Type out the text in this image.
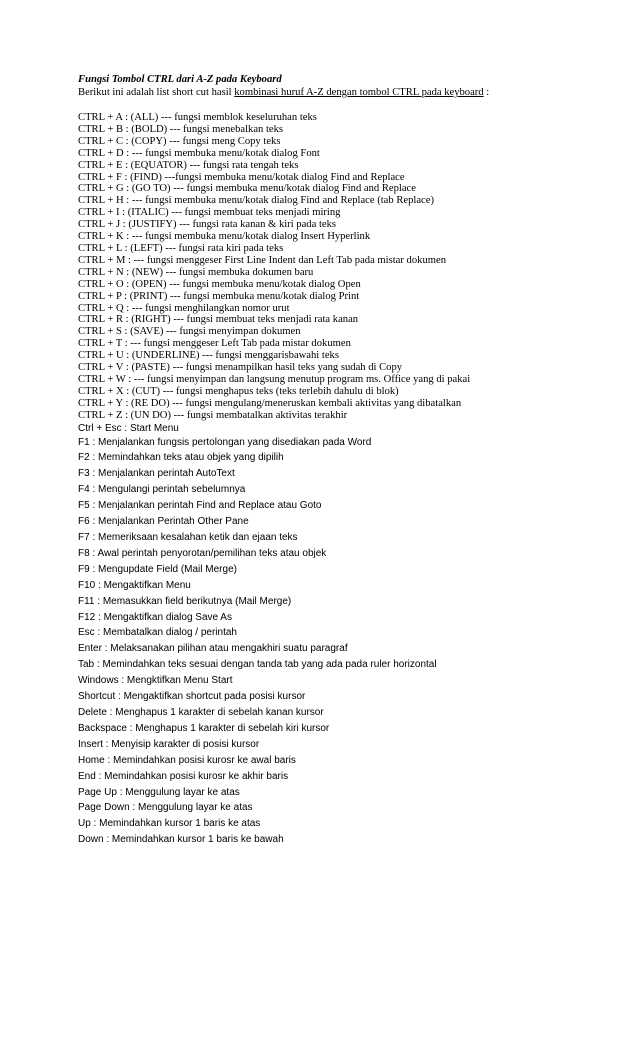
Fungsi Tombol CTRL dari A-Z pada Keyboard
Berikut ini adalah list short cut hasil kombinasi huruf A-Z dengan tombol CTRL pada keyboard :
CTRL + A : (ALL) --- fungsi memblok keseluruhan teks
CTRL + B : (BOLD) --- fungsi menebalkan teks
CTRL + C : (COPY) --- fungsi meng Copy teks
CTRL + D : --- fungsi membuka menu/kotak dialog Font
CTRL + E : (EQUATOR) --- fungsi rata tengah teks
CTRL + F : (FIND) ---fungsi membuka menu/kotak dialog Find and Replace
CTRL + G : (GO TO) --- fungsi membuka menu/kotak dialog Find and Replace
CTRL + H : --- fungsi membuka menu/kotak dialog Find and Replace (tab Replace)
CTRL + I : (ITALIC) --- fungsi membuat teks menjadi miring
CTRL + J : (JUSTIFY) --- fungsi rata kanan & kiri pada teks
CTRL + K : --- fungsi membuka menu/kotak dialog Insert Hyperlink
CTRL + L : (LEFT) --- fungsi rata kiri pada teks
CTRL + M : --- fungsi menggeser First Line Indent dan Left Tab pada mistar dokumen
CTRL + N : (NEW) --- fungsi membuka dokumen baru
CTRL + O : (OPEN) --- fungsi membuka menu/kotak dialog Open
CTRL + P : (PRINT) --- fungsi membuka menu/kotak dialog Print
CTRL + Q : --- fungsi menghilangkan nomor urut
CTRL + R : (RIGHT) --- fungsi membuat teks menjadi rata kanan
CTRL + S : (SAVE) --- fungsi menyimpan dokumen
CTRL + T : --- fungsi menggeser Left Tab pada mistar dokumen
CTRL + U : (UNDERLINE) --- fungsi menggarisbawahi teks
CTRL + V : (PASTE) --- fungsi menampilkan hasil teks yang sudah di Copy
CTRL + W : --- fungsi menyimpan dan langsung menutup program ms. Office yang di pakai
CTRL + X : (CUT) --- fungsi menghapus teks (teks terlebih dahulu di blok)
CTRL + Y : (RE DO) --- fungsi mengulang/meneruskan kembali aktivitas yang dibatalkan
CTRL + Z : (UN DO) --- fungsi membatalkan aktivitas terakhir
Ctrl + Esc : Start Menu
F1 : Menjalankan fungsis pertolongan yang disediakan pada Word
F2 : Memindahkan teks atau objek yang dipilih
F3 : Menjalankan perintah AutoText
F4 : Mengulangi perintah sebelumnya
F5 : Menjalankan perintah Find and Replace atau Goto
F6 : Menjalankan Perintah Other Pane
F7 : Memeriksaan kesalahan ketik dan ejaan teks
F8 : Awal perintah penyorotan/pemilihan teks atau objek
F9 : Mengupdate Field (Mail Merge)
F10 : Mengaktifkan Menu
F11 : Memasukkan field berikutnya (Mail Merge)
F12 : Mengaktifkan dialog Save As
Esc : Membatalkan dialog / perintah
Enter : Melaksanakan pilihan atau mengakhiri suatu paragraf
Tab : Memindahkan teks sesuai dengan tanda tab yang ada pada ruler horizontal
Windows : Mengktifkan Menu Start
Shortcut : Mengaktifkan shortcut pada posisi kursor
Delete : Menghapus 1 karakter di sebelah kanan kursor
Backspace : Menghapus 1 karakter di sebelah kiri kursor
Insert : Menyisip karakter di posisi kursor
Home : Memindahkan posisi kurosr ke awal baris
End : Memindahkan posisi kurosr ke akhir baris
Page Up : Menggulung layar ke atas
Page Down : Menggulung layar ke atas
Up : Memindahkan kursor 1 baris ke atas
Down : Memindahkan kursor 1 baris ke bawah
